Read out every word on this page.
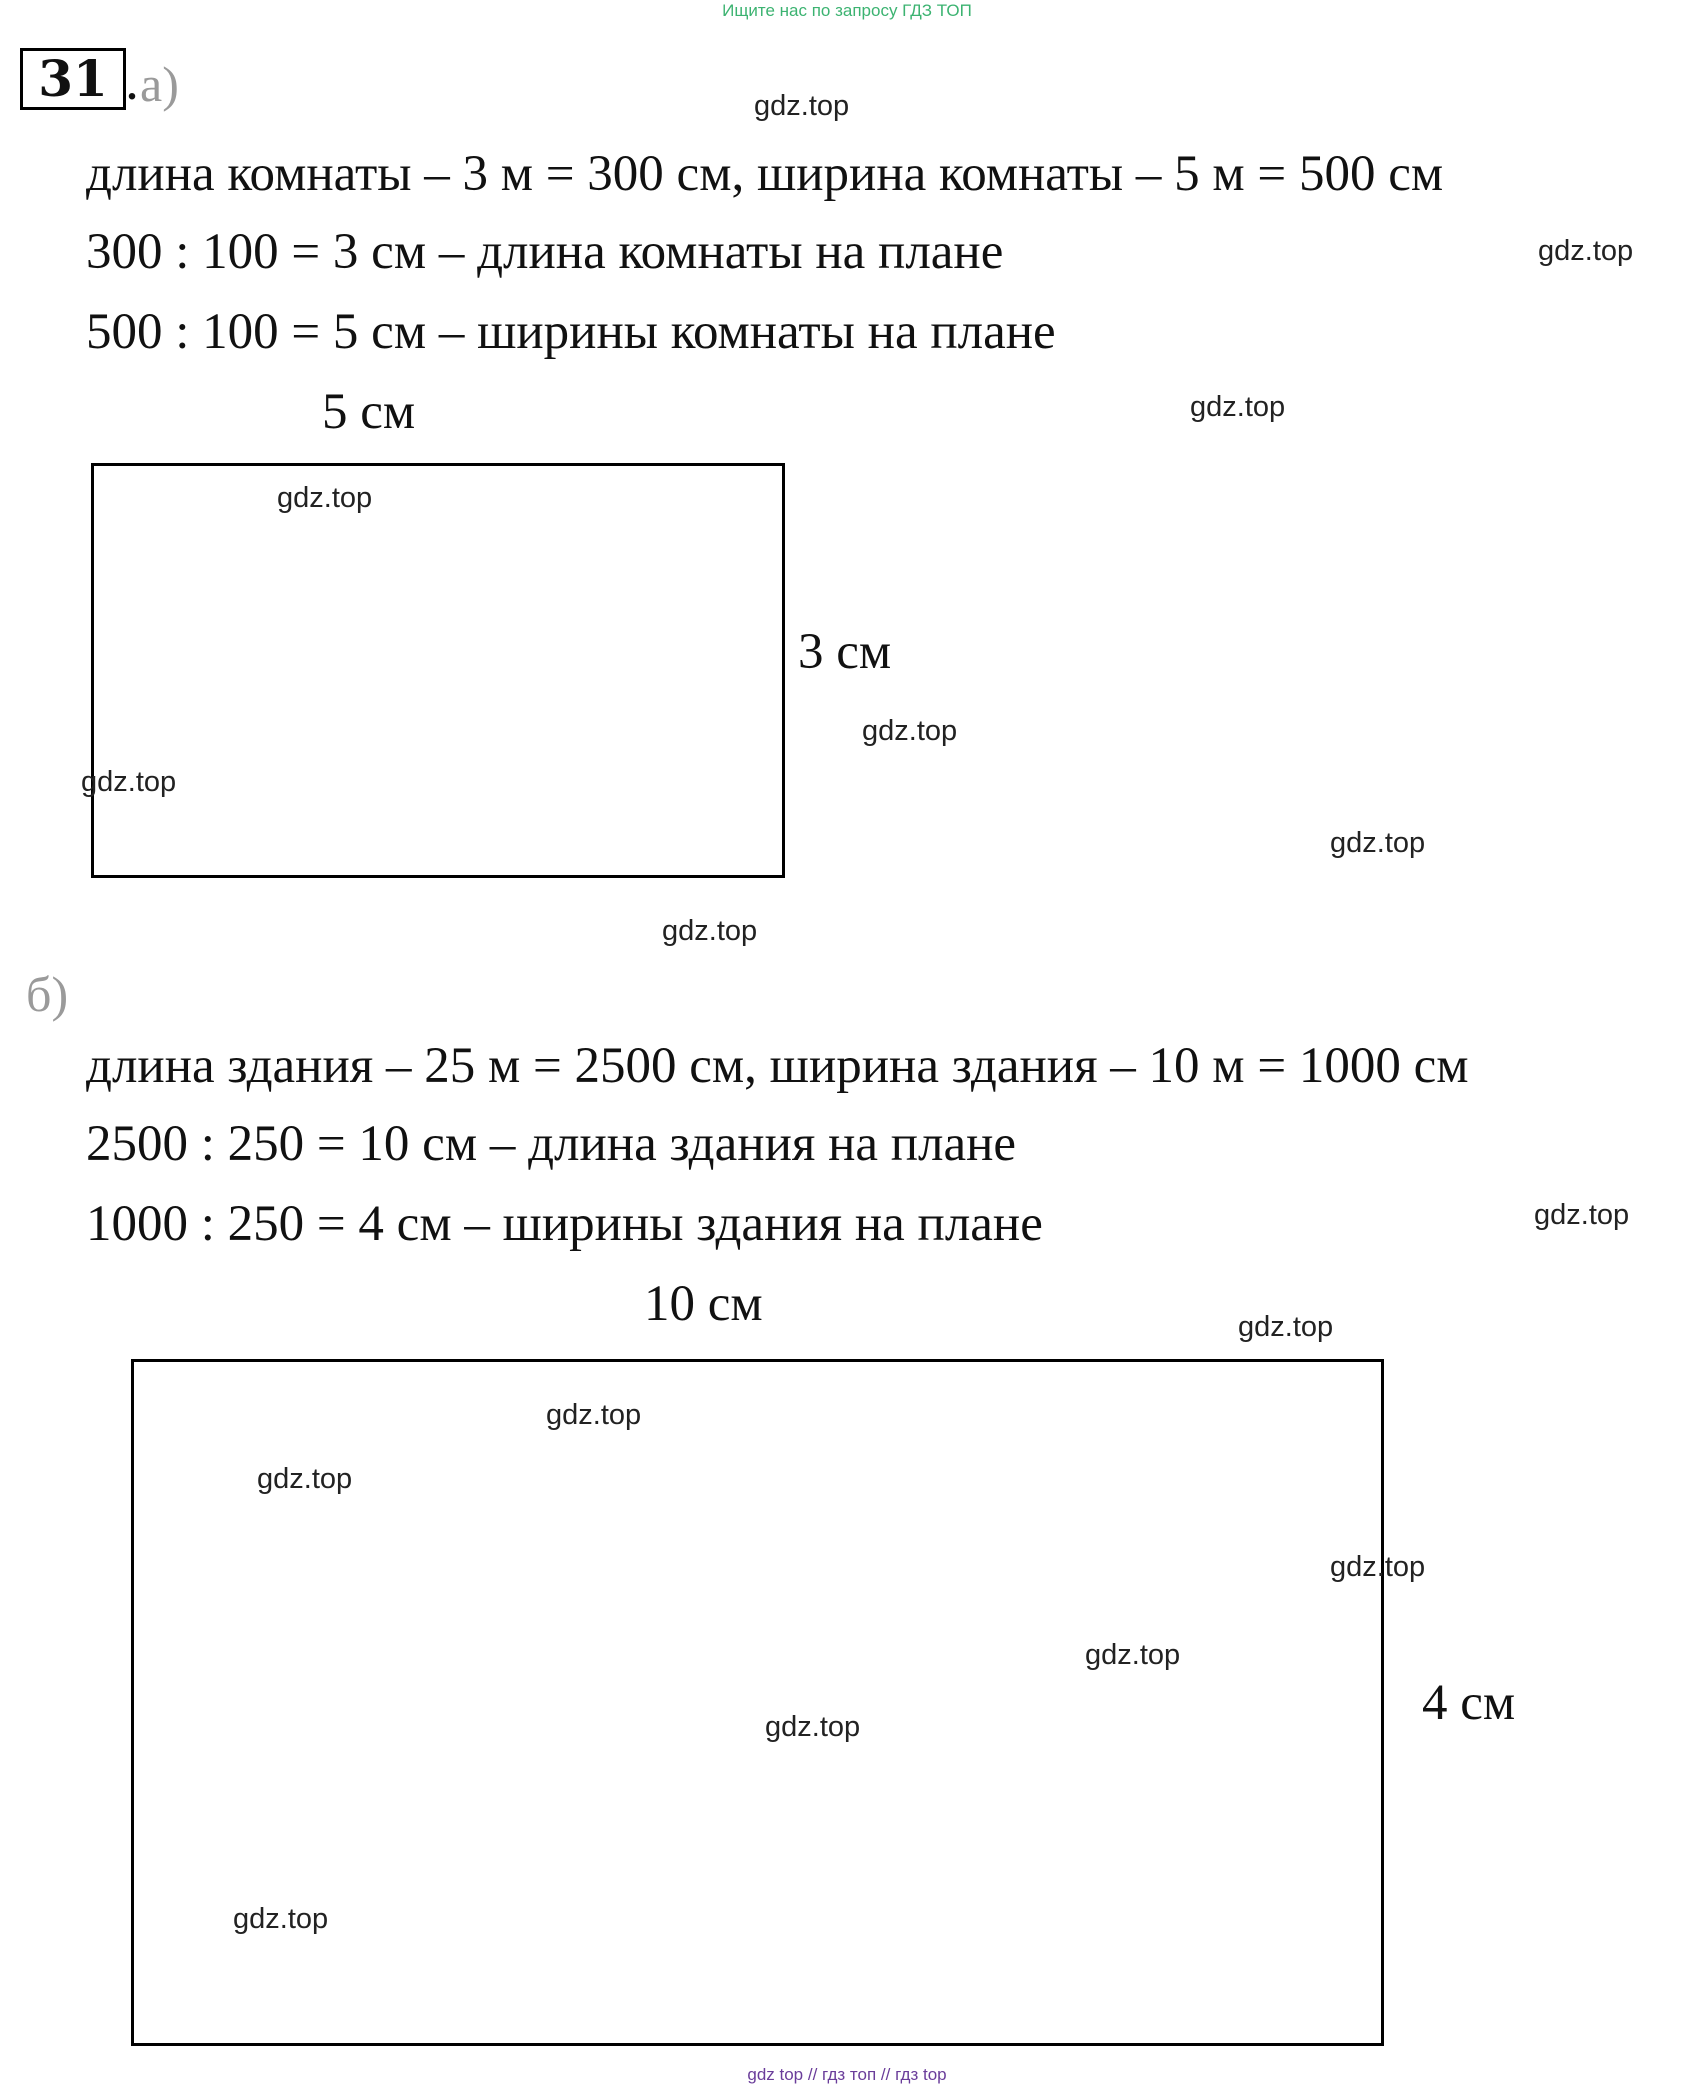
Ищите нас по запросу ГДЗ ТОП
31 . а)
длина комнаты – 3 м = 300 см, ширина комнаты – 5 м = 500 см
300 : 100 = 3 см – длина комнаты на плане
500 : 100 = 5 см – ширины комнаты на плане
5 см
3 см
б)
длина здания – 25 м = 2500 см, ширина здания – 10 м = 1000 см
2500 : 250 = 10 см – длина здания на плане
1000 : 250 = 4 см – ширины здания на плане
10 см
4 см
gdz.top
gdz.top
gdz.top
gdz.top
gdz.top
gdz.top
gdz.top
gdz.top
gdz.top
gdz.top
gdz.top
gdz.top
gdz.top
gdz.top
gdz.top
gdz.top
gdz top // гдз топ // гдз top
